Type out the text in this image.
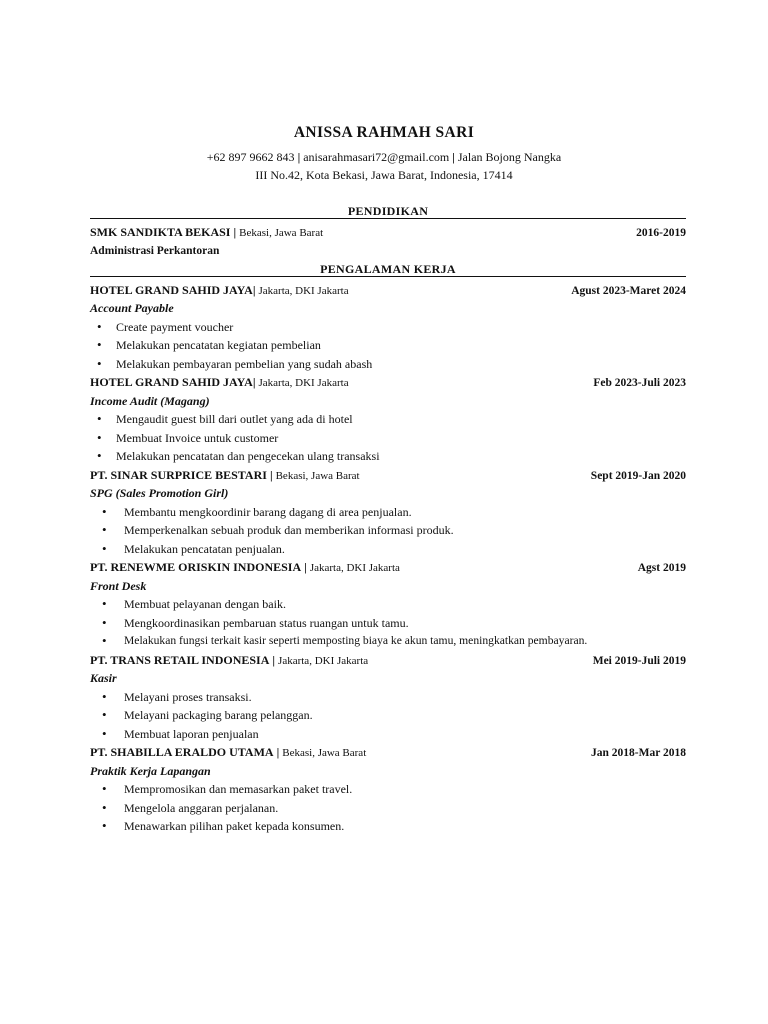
ANISSA RAHMAH SARI
+62 897 9662 843 | anisarahmasari72@gmail.com | Jalan Bojong Nangka
III No.42, Kota Bekasi, Jawa Barat, Indonesia, 17414
PENDIDIKAN
SMK SANDIKTA BEKASI | Bekasi, Jawa Barat	2016-2019
Administrasi Perkantoran
PENGALAMAN KERJA
HOTEL GRAND SAHID JAYA| Jakarta, DKI Jakarta	Agust 2023-Maret 2024
Account Payable
• Create payment voucher
• Melakukan pencatatan kegiatan pembelian
• Melakukan pembayaran pembelian yang sudah abash
HOTEL GRAND SAHID JAYA| Jakarta, DKI Jakarta	Feb 2023-Juli 2023
Income Audit (Magang)
• Mengaudit guest bill dari outlet yang ada di hotel
• Membuat Invoice untuk customer
• Melakukan pencatatan dan pengecekan ulang transaksi
PT. SINAR SURPRICE BESTARI | Bekasi, Jawa Barat	Sept 2019-Jan 2020
SPG (Sales Promotion Girl)
• Membantu mengkoordinir barang dagang di area penjualan.
• Memperkenalkan sebuah produk dan memberikan informasi produk.
• Melakukan pencatatan penjualan.
PT. RENEWME ORISKIN INDONESIA | Jakarta, DKI Jakarta	Agst 2019
Front Desk
• Membuat pelayanan dengan baik.
• Mengkoordinasikan pembaruan status ruangan untuk tamu.
• Melakukan fungsi terkait kasir seperti memposting biaya ke akun tamu, meningkatkan pembayaran.
PT. TRANS RETAIL INDONESIA | Jakarta, DKI Jakarta	Mei 2019-Juli 2019
Kasir
• Melayani proses transaksi.
• Melayani packaging barang pelanggan.
• Membuat laporan penjualan
PT. SHABILLA ERALDO UTAMA | Bekasi, Jawa Barat	Jan 2018-Mar 2018
Praktik Kerja Lapangan
• Mempromosikan dan memasarkan paket travel.
• Mengelola anggaran perjalanan.
• Menawarkan pilihan paket kepada konsumen.
